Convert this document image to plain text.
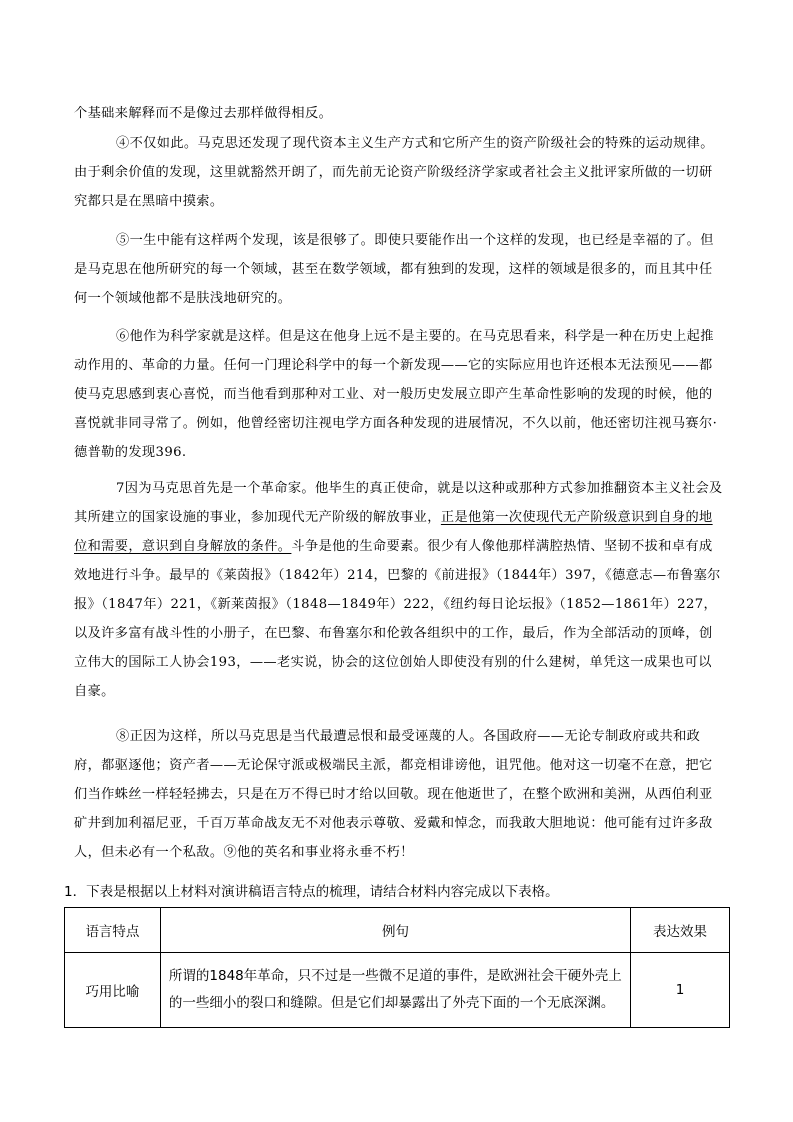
个基础来解释而不是像过去那样做得相反。

④不仅如此。马克思还发现了现代资本主义生产方式和它所产生的资产阶级社会的特殊的运动规律。由于剩余价值的发现，这里就豁然开朗了，而先前无论资产阶级经济学家或者社会主义批评家所做的一切研究都只是在黑暗中摸索。

⑤一生中能有这样两个发现，该是很够了。即使只要能作出一个这样的发现，也已经是幸福的了。但是马克思在他所研究的每一个领域，甚至在数学领域，都有独到的发现，这样的领域是很多的，而且其中任何一个领域他都不是肤浅地研究的。

⑥他作为科学家就是这样。但是这在他身上远不是主要的。在马克思看来，科学是一种在历史上起推动作用的、革命的力量。任何一门理论科学中的每一个新发现——它的实际应用也许还根本无法预见——都使马克思感到衷心喜悦，而当他看到那种对工业、对一般历史发展立即产生革命性影响的发现的时候，他的喜悦就非同寻常了。例如，他曾经密切注视电学方面各种发现的进展情况，不久以前，他还密切注视马赛尔·德普勒的发现396.

7因为马克思首先是一个革命家。他毕生的真正使命，就是以这种或那种方式参加推翻资本主义社会及其所建立的国家设施的事业，参加现代无产阶级的解放事业，正是他第一次使现代无产阶级意识到自身的地位和需要，意识到自身解放的条件。斗争是他的生命要素。很少有人像他那样满腔热情、坚韧不拔和卓有成效地进行斗争。最早的《莱茵报》（1842年）214，巴黎的《前进报》（1844年）397，《德意志—布鲁塞尔报》（1847年）221，《新莱茵报》（1848—1849年）222，《纽约每日论坛报》（1852—1861年）227，以及许多富有战斗性的小册子，在巴黎、布鲁塞尔和伦敦各组织中的工作，最后，作为全部活动的顶峰，创立伟大的国际工人协会193，——老实说，协会的这位创始人即使没有别的什么建树，单凭这一成果也可以自豪。

⑧正因为这样，所以马克思是当代最遭忌恨和最受诬蔑的人。各国政府——无论专制政府或共和政府，都驱逐他；资产者——无论保守派或极端民主派，都竞相诽谤他，诅咒他。他对这一切毫不在意，把它们当作蛛丝一样轻轻拂去，只是在万不得已时才给以回敬。现在他逝世了，在整个欧洲和美洲，从西伯利亚矿井到加利福尼亚，千百万革命战友无不对他表示尊敬、爱戴和悼念，而我敢大胆地说：他可能有过许多敌人，但未必有一个私敌。⑨他的英名和事业将永垂不朽！

1．下表是根据以上材料对演讲稿语言特点的梳理，请结合材料内容完成以下表格。

语言特点	例句	表达效果
巧用比喻	所谓的1848年革命，只不过是一些微不足道的事件，是欧洲社会干硬外壳上的一些细小的裂口和缝隙。但是它们却暴露出了外壳下面的一个无底深渊。	1
